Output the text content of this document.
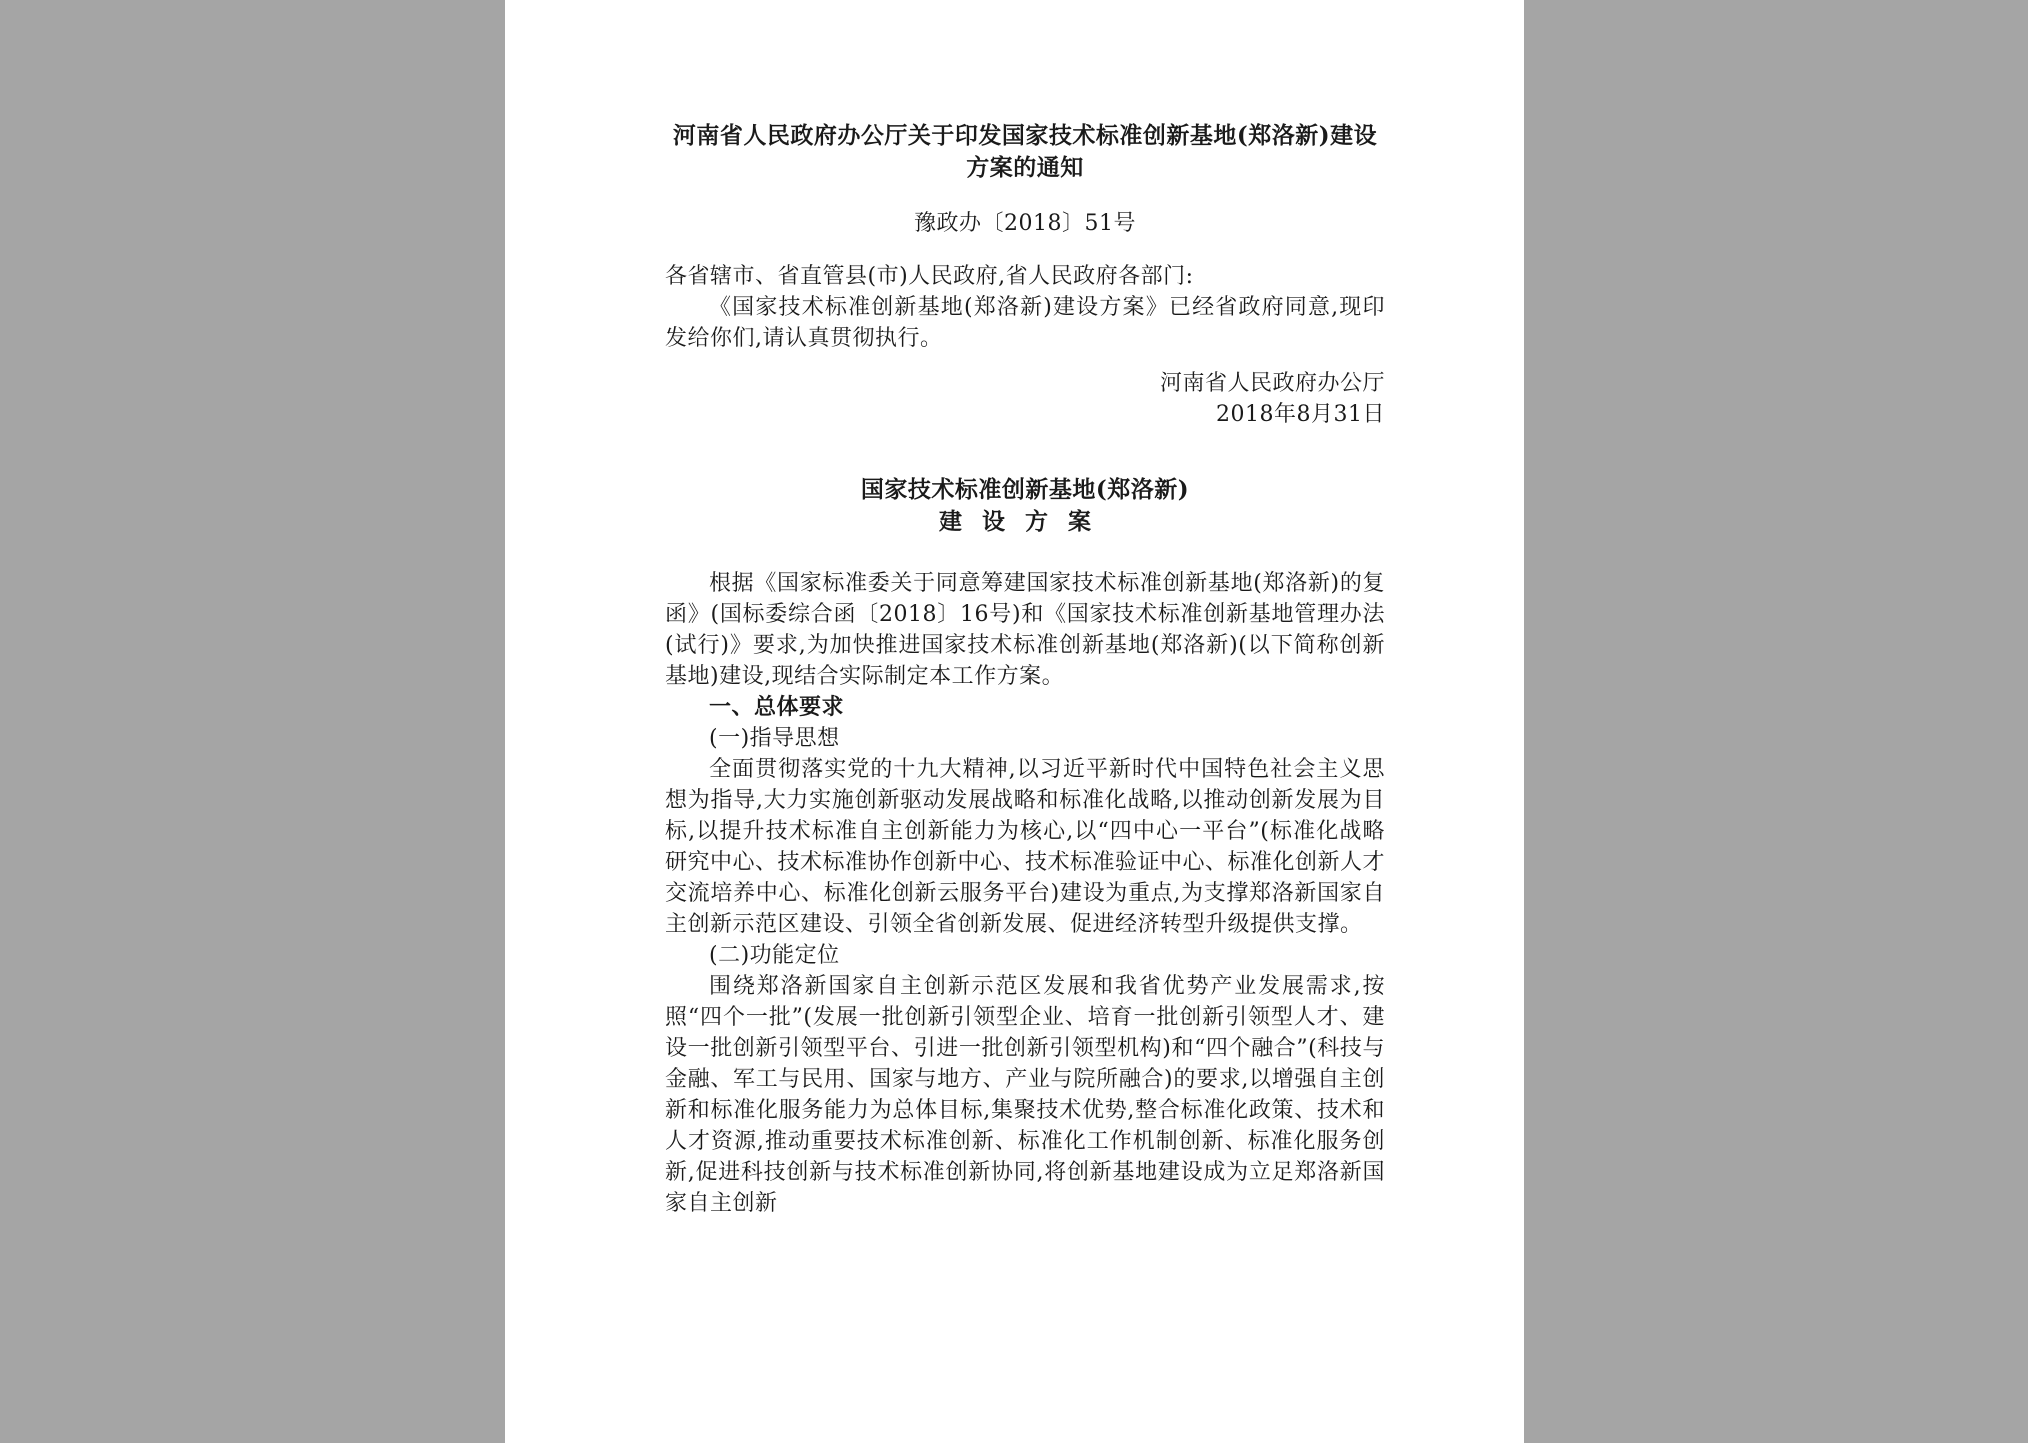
河南省人民政府办公厅关于印发国家技术标准创新基地(郑洛新)建设方案的通知

豫政办〔2018〕51号
各省辖市、省直管县(市)人民政府,省人民政府各部门:

《国家技术标准创新基地(郑洛新)建设方案》已经省政府同意,现印发给你们,请认真贯彻执行。

河南省人民政府办公厅
2018年8月31日
国家技术标准创新基地(郑洛新)
建设方案

根据《国家标准委关于同意筹建国家技术标准创新基地(郑洛新)的复函》(国标委综合函〔2018〕16号)和《国家技术标准创新基地管理办法(试行)》要求,为加快推进国家技术标准创新基地(郑洛新)(以下简称创新基地)建设,现结合实际制定本工作方案。

一、总体要求

(一)指导思想

全面贯彻落实党的十九大精神,以习近平新时代中国特色社会主义思想为指导,大力实施创新驱动发展战略和标准化战略,以推动创新发展为目标,以提升技术标准自主创新能力为核心,以“四中心一平台”(标准化战略研究中心、技术标准协作创新中心、技术标准验证中心、标准化创新人才交流培养中心、标准化创新云服务平台)建设为重点,为支撑郑洛新国家自主创新示范区建设、引领全省创新发展、促进经济转型升级提供支撑。

(二)功能定位

围绕郑洛新国家自主创新示范区发展和我省优势产业发展需求,按照“四个一批”(发展一批创新引领型企业、培育一批创新引领型人才、建设一批创新引领型平台、引进一批创新引领型机构)和“四个融合”(科技与金融、军工与民用、国家与地方、产业与院所融合)的要求,以增强自主创新和标准化服务能力为总体目标,集聚技术优势,整合标准化政策、技术和人才资源,推动重要技术标准创新、标准化工作机制创新、标准化服务创新,促进科技创新与技术标准创新协同,将创新基地建设成为立足郑洛新国家自主创新
